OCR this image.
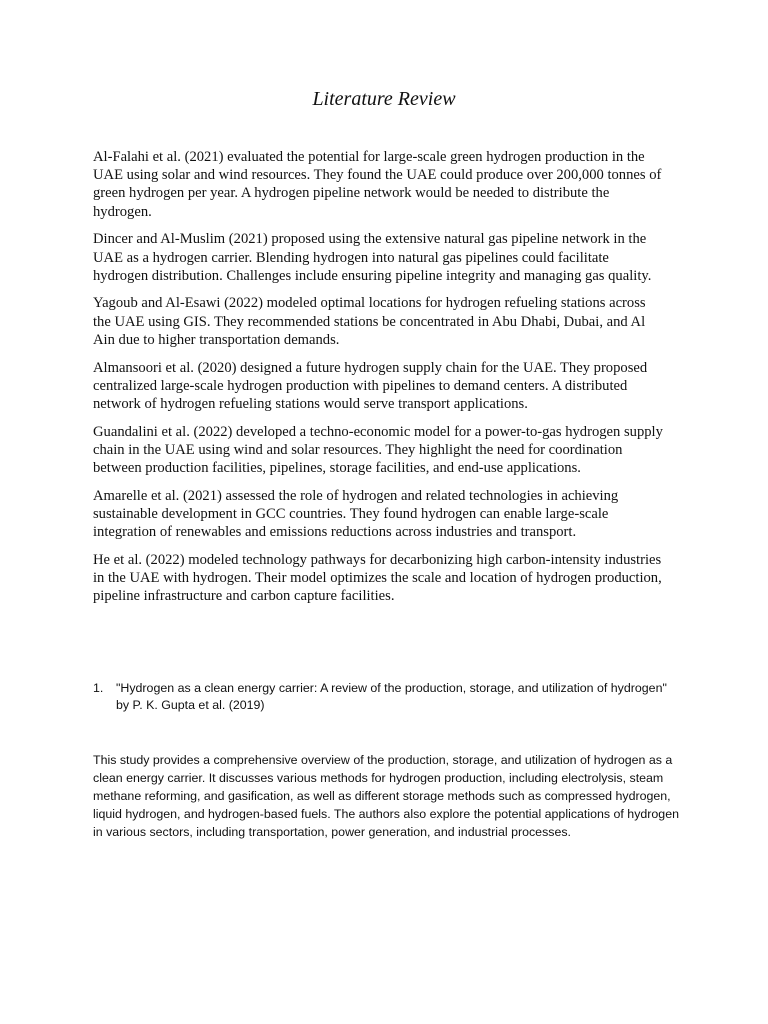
Literature Review

Al-Falahi et al. (2021) evaluated the potential for large-scale green hydrogen production in the UAE using solar and wind resources. They found the UAE could produce over 200,000 tonnes of green hydrogen per year. A hydrogen pipeline network would be needed to distribute the hydrogen.

Dincer and Al-Muslim (2021) proposed using the extensive natural gas pipeline network in the UAE as a hydrogen carrier. Blending hydrogen into natural gas pipelines could facilitate hydrogen distribution. Challenges include ensuring pipeline integrity and managing gas quality.

Yagoub and Al-Esawi (2022) modeled optimal locations for hydrogen refueling stations across the UAE using GIS. They recommended stations be concentrated in Abu Dhabi, Dubai, and Al Ain due to higher transportation demands.

Almansoori et al. (2020) designed a future hydrogen supply chain for the UAE. They proposed centralized large-scale hydrogen production with pipelines to demand centers. A distributed network of hydrogen refueling stations would serve transport applications.

Guandalini et al. (2022) developed a techno-economic model for a power-to-gas hydrogen supply chain in the UAE using wind and solar resources. They highlight the need for coordination between production facilities, pipelines, storage facilities, and end-use applications.

Amarelle et al. (2021) assessed the role of hydrogen and related technologies in achieving sustainable development in GCC countries. They found hydrogen can enable large-scale integration of renewables and emissions reductions across industries and transport.

He et al. (2022) modeled technology pathways for decarbonizing high carbon-intensity industries in the UAE with hydrogen. Their model optimizes the scale and location of hydrogen production, pipeline infrastructure and carbon capture facilities.

1. "Hydrogen as a clean energy carrier: A review of the production, storage, and utilization of hydrogen" by P. K. Gupta et al. (2019)

This study provides a comprehensive overview of the production, storage, and utilization of hydrogen as a clean energy carrier. It discusses various methods for hydrogen production, including electrolysis, steam methane reforming, and gasification, as well as different storage methods such as compressed hydrogen, liquid hydrogen, and hydrogen-based fuels. The authors also explore the potential applications of hydrogen in various sectors, including transportation, power generation, and industrial processes.
